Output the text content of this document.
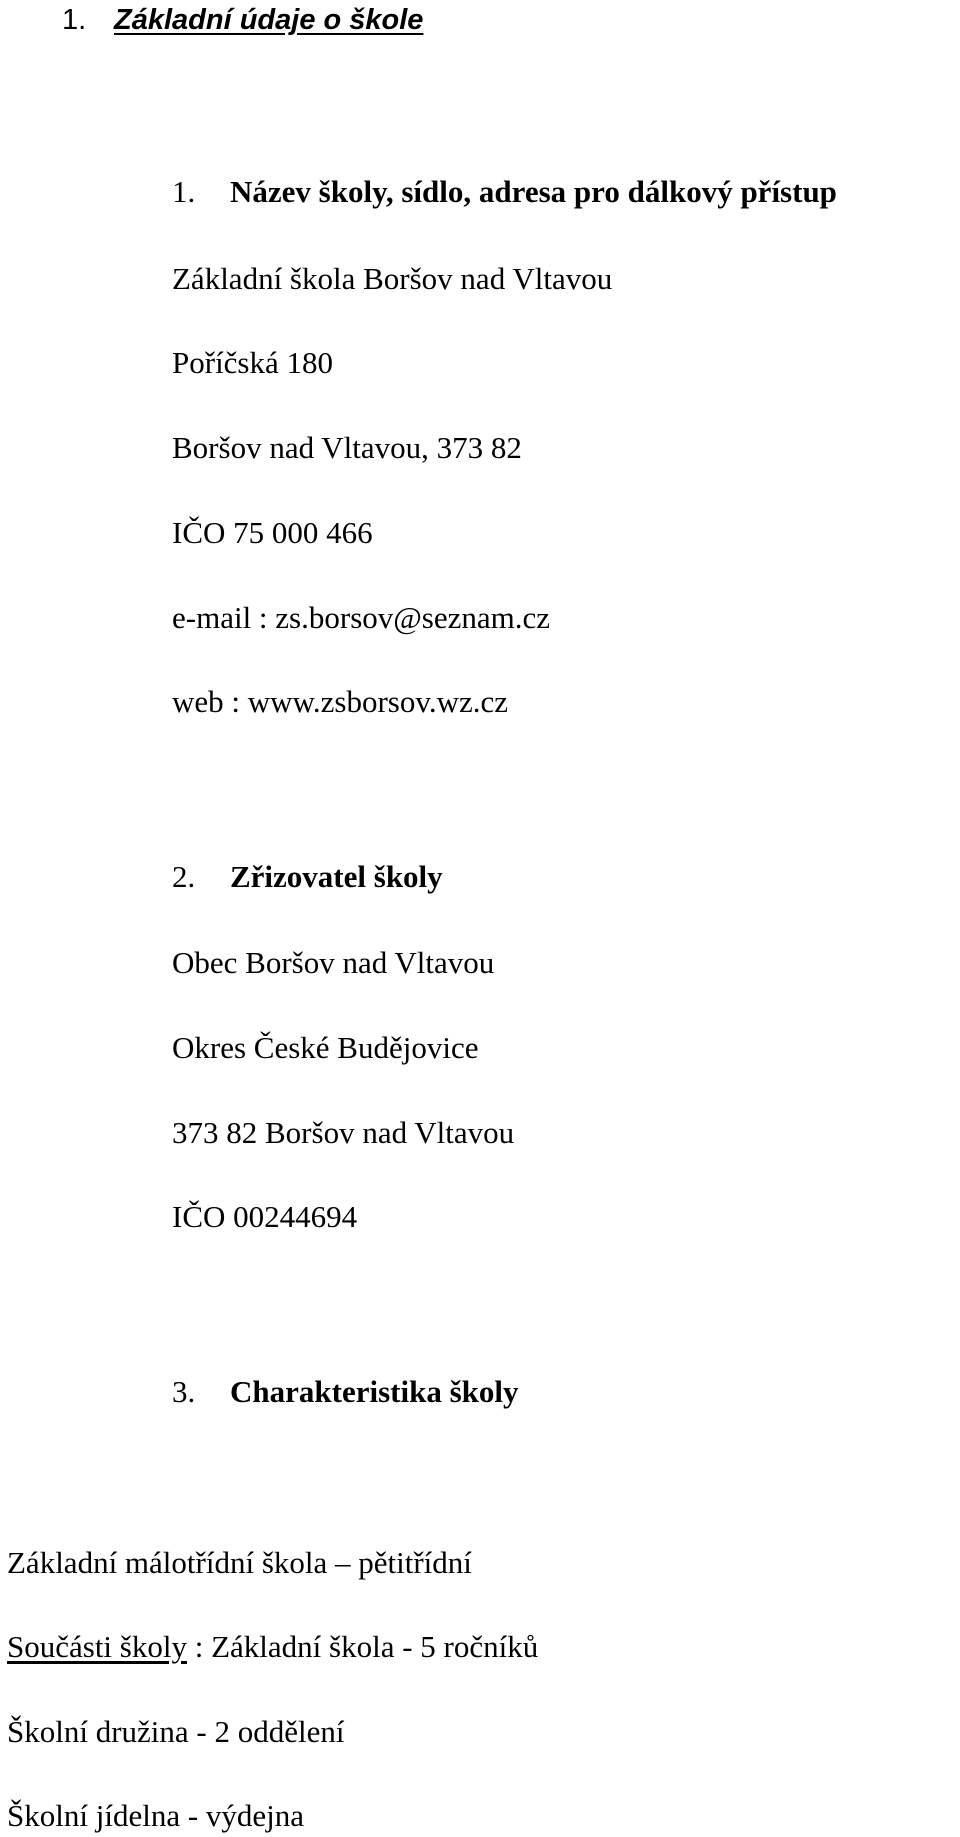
1. Základní údaje o škole
1. Název školy, sídlo, adresa pro dálkový přístup
Základní škola Boršov nad Vltavou
Poříčská 180
Boršov nad Vltavou, 373 82
IČO 75 000 466
e-mail : zs.borsov@seznam.cz
web : www.zsborsov.wz.cz
2. Zřizovatel školy
Obec Boršov nad Vltavou
Okres České Budějovice
373 82 Boršov nad Vltavou
IČO 00244694
3. Charakteristika školy
Základní málotřídní škola – pětitřídní
Součásti školy : Základní škola - 5 ročníků
Školní družina - 2 oddělení
Školní jídelna - výdejna
